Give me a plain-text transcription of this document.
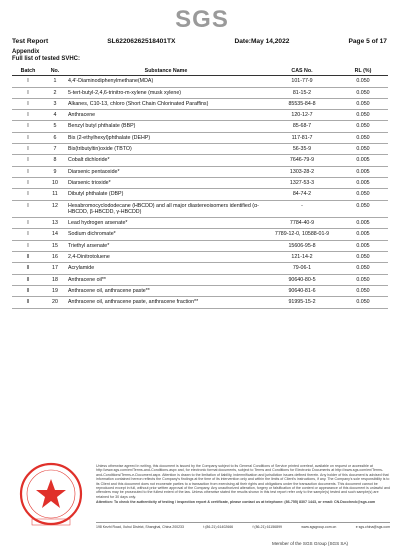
SGS
Test Report	SL62206262518401TX	Date:May 14,2022	Page 5 of 17
Appendix
Full list of tested SVHC:
Batch	No.	Substance Name	CAS No.	RL (%)
I	1	4,4'-Diaminodiphenylmethane(MDA)	101-77-9	0.050
I	2	5-tert-butyl-2,4,6-trinitro-m-xylene (musk xylene)	81-15-2	0.050
I	3	Alkanes, C10-13, chloro (Short Chain Chlorinated Paraffins)	85535-84-8	0.050
I	4	Anthracene	120-12-7	0.050
I	5	Benzyl butyl phthalate (BBP)	85-68-7	0.050
I	6	Bis (2-ethylhexyl)phthalate (DEHP)	117-81-7	0.050
I	7	Bis(tributyltin)oxide (TBTO)	56-35-9	0.050
I	8	Cobalt dichloride*	7646-79-9	0.005
I	9	Diarsenic pentaoxide*	1303-28-2	0.005
I	10	Diarsenic trioxide*	1327-53-3	0.005
I	11	Dibutyl phthalate (DBP)	84-74-2	0.050
I	12	Hexabromocyclododecane (HBCDD) and all major diastereoisomers identified (α-HBCDD, β-HBCDD, γ-HBCDD)	-	0.050
I	13	Lead hydrogen arsenate*	7784-40-9	0.005
I	14	Sodium dichromate*	7789-12-0, 10588-01-9	0.005
I	15	Triethyl arsenate*	15606-95-8	0.005
II	16	2,4-Dinitrotoluene	121-14-2	0.050
II	17	Acrylamide	79-06-1	0.050
II	18	Anthracene oil**	90640-80-5	0.050
II	19	Anthracene oil, anthracene paste**	90640-81-6	0.050
II	20	Anthracene oil, anthracene paste, anthracene fraction**	91995-15-2	0.050
Unless otherwise agreed in writing, this document is issued by the Company subject to its General Conditions of Service printed overleaf, available on request or accessible at http://www.sgs.com/en/Terms-and-Conditions.aspx and, for electronic format documents, subject to Terms and Conditions for Electronic Documents at http://www.sgs.com/en/Terms-and-Conditions/Terms-e-Document.aspx. Attention is drawn to the limitation of liability, indemnification and jurisdiction issues defined therein. Any holder of this document is advised that information contained hereon reflects the Company's findings at the time of its intervention only and within the limits of Client's instructions, if any. The Company's sole responsibility is to its Client and this document does not exonerate parties to a transaction from exercising all their rights and obligations under the transaction documents. This document cannot be reproduced except in full, without prior written approval of the Company. Any unauthorized alteration, forgery or falsification of the content or appearance of this document is unlawful and offenders may be prosecuted to the fullest extent of the law. Unless otherwise stated the results shown in this test report refer only to the sample(s) tested and such sample(s) are retained for 30 days only.
Attention: To check the authenticity of testing / inspection report & certificate, please contact us at telephone: (86-755) 8307 1443, or email: CN.Doccheck@sgs.com
198 Kezhi Road, Xuhui District, Shanghai, China 200233	t (86-21) 61402666	f (86-21) 61156899	www.sgsgroup.com.cn	e sgs.china@sgs.com
Member of the SGS Group (SGS SA)
